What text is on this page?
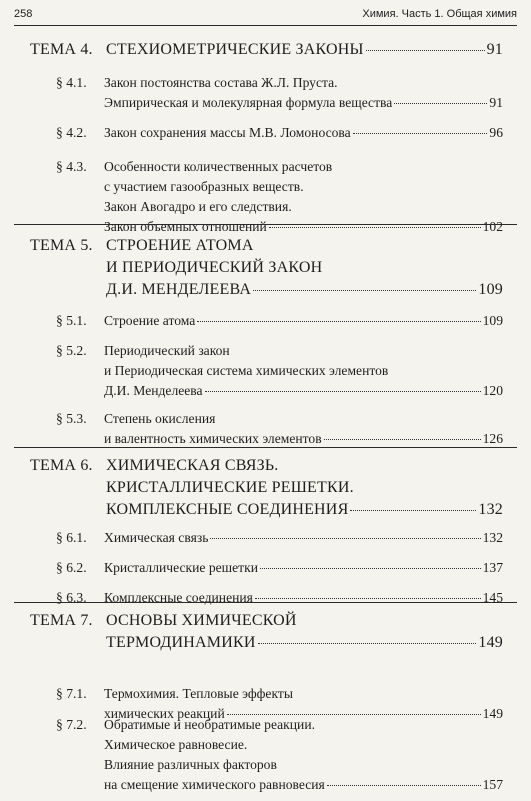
258	Химия. Часть 1. Общая химия
ТЕМА 4. СТЕХИОМЕТРИЧЕСКИЕ ЗАКОНЫ	91
§ 4.1. Закон постоянства состава Ж.Л. Пруста.
Эмпирическая и молекулярная формула вещества	91
§ 4.2. Закон сохранения массы М.В. Ломоносова	96
§ 4.3. Особенности количественных расчетов
с участием газообразных веществ.
Закон Авогадро и его следствия.
Закон объемных отношений	102
ТЕМА 5. СТРОЕНИЕ АТОМА
И ПЕРИОДИЧЕСКИЙ ЗАКОН
Д.И. МЕНДЕЛЕЕВА	109
§ 5.1. Строение атома	109
§ 5.2. Периодический закон
и Периодическая система химических элементов
Д.И. Менделеева	120
§ 5.3. Степень окисления
и валентность химических элементов	126
ТЕМА 6. ХИМИЧЕСКАЯ СВЯЗЬ.
КРИСТАЛЛИЧЕСКИЕ РЕШЕТКИ.
КОМПЛЕКСНЫЕ СОЕДИНЕНИЯ	132
§ 6.1. Химическая связь	132
§ 6.2. Кристаллические решетки	137
§ 6.3. Комплексные соединения	145
ТЕМА 7. ОСНОВЫ ХИМИЧЕСКОЙ
ТЕРМОДИНАМИКИ	149
§ 7.1. Термохимия. Тепловые эффекты
химических реакций	149
§ 7.2. Обратимые и необратимые реакции.
Химическое равновесие.
Влияние различных факторов
на смещение химического равновесия	157
